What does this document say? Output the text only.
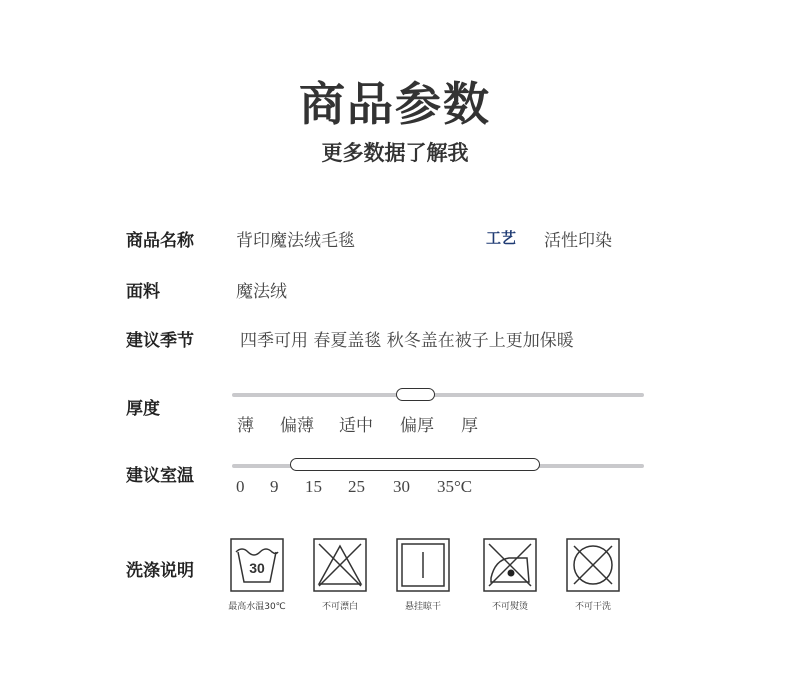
商品参数
更多数据了解我
商品名称 背印魔法绒毛毯	工艺 活性印染
面料	魔法绒
建议季节	四季可用 春夏盖毯 秋冬盖在被子上更加保暖
厚度
薄 偏薄 适中 偏厚 厚
建议室温
0 9 15 25 30 35°C
洗涤说明	30
最高水温30℃	不可漂白	悬挂晾干	不可熨烫	不可干洗
